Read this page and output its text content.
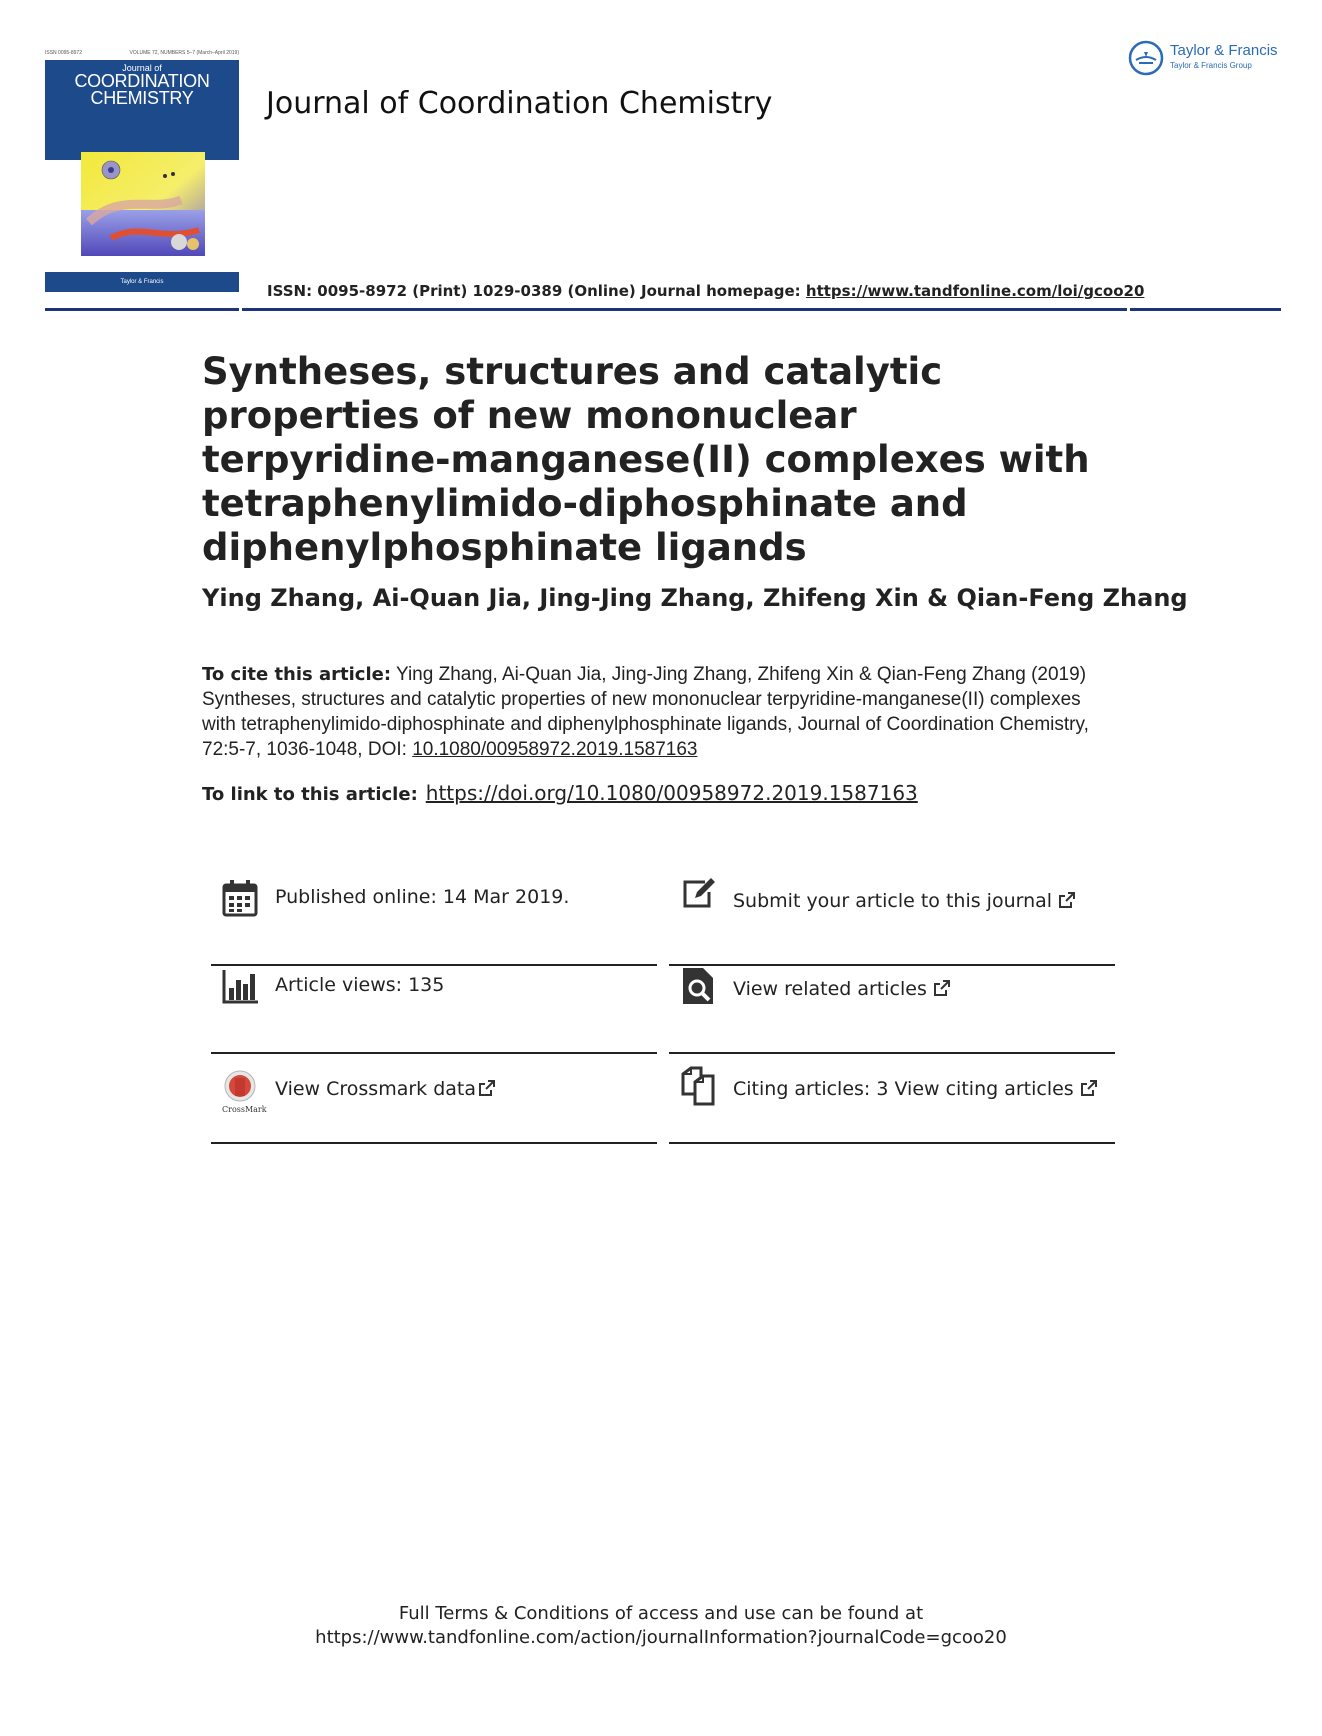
ISSN 0095-8972	VOLUME 72, NUMBERS 5–7 (March–April 2019)
Journal of
COORDINATION
CHEMISTRY
Taylor & Francis
Journal of Coordination Chemistry
Taylor & Francis
Taylor & Francis Group
ISSN: 0095-8972 (Print) 1029-0389 (Online) Journal homepage: https://www.tandfonline.com/loi/gcoo20
Syntheses, structures and catalytic properties of new mononuclear terpyridine-manganese(II) complexes with tetraphenylimido-diphosphinate and diphenylphosphinate ligands
Ying Zhang, Ai-Quan Jia, Jing-Jing Zhang, Zhifeng Xin & Qian-Feng Zhang
To cite this article: Ying Zhang, Ai-Quan Jia, Jing-Jing Zhang, Zhifeng Xin & Qian-Feng Zhang (2019) Syntheses, structures and catalytic properties of new mononuclear terpyridine-manganese(II) complexes with tetraphenylimido-diphosphinate and diphenylphosphinate ligands, Journal of Coordination Chemistry, 72:5-7, 1036-1048, DOI: 10.1080/00958972.2019.1587163
To link to this article: https://doi.org/10.1080/00958972.2019.1587163
Published online: 14 Mar 2019.	Submit your article to this journal
Article views: 135	View related articles
CrossMark
View Crossmark data	Citing articles: 3 View citing articles
Full Terms & Conditions of access and use can be found at
https://www.tandfonline.com/action/journalInformation?journalCode=gcoo20
